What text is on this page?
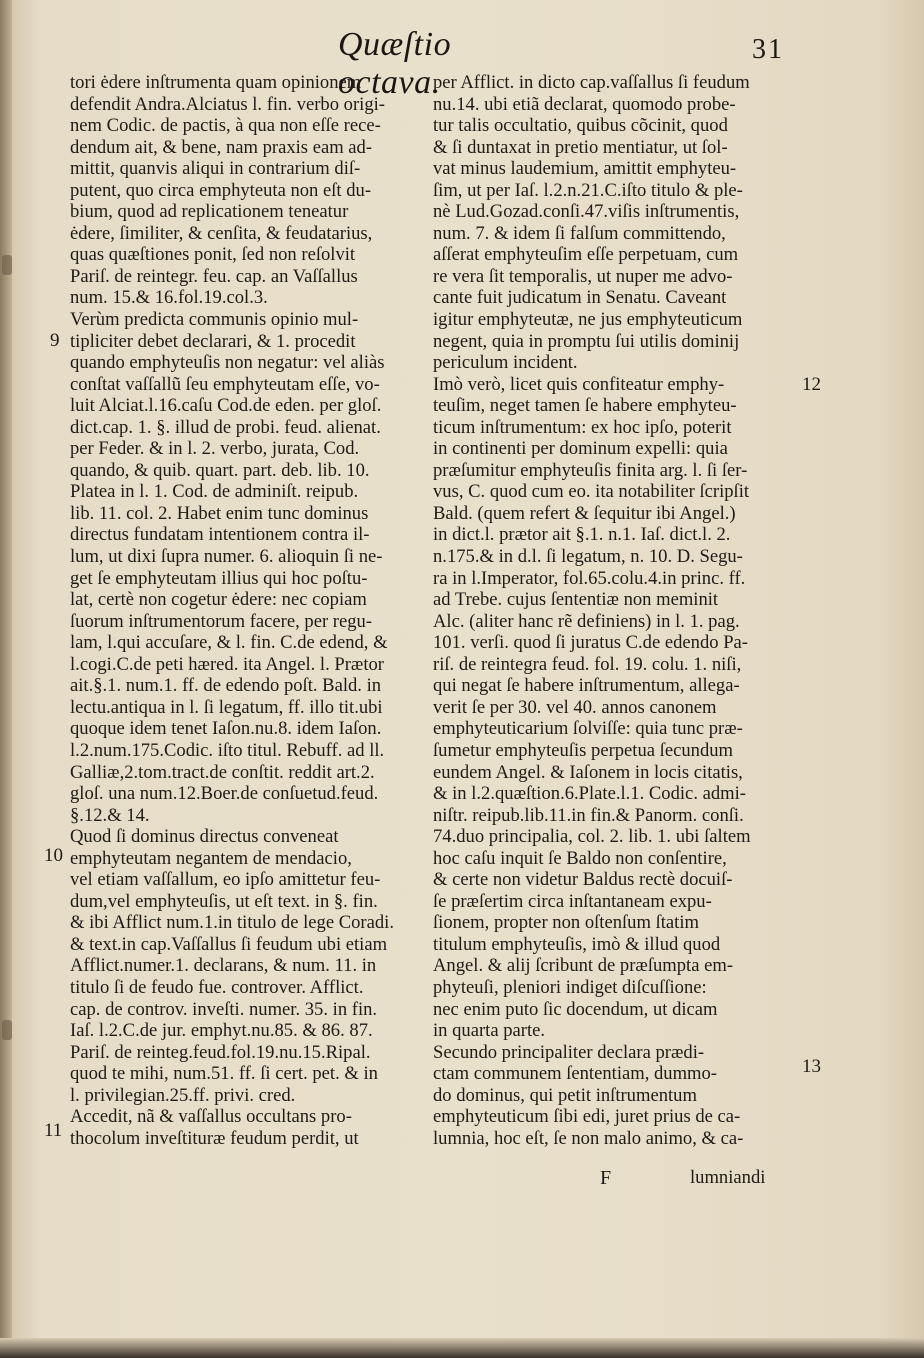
Quæſtio octava.
31
tori ėdere inſtrumenta quam opinionem
defendit Andra.Alciatus l. fin. verbo origi-
nem Codic. de pactis, à qua non eſſe rece-
dendum ait, & bene, nam praxis eam ad-
mittit, quanvis aliqui in contrarium diſ-
putent, quo circa emphyteuta non eſt du-
bium, quod ad replicationem teneatur
ėdere, ſimiliter, & cenſita, & feudatarius,
quas quæſtiones ponit, ſed non reſolvit
Pariſ. de reintegr. feu. cap. an Vaſſallus
num. 15.& 16.fol.19.col.3.
Verùm predicta communis opinio mul-
tipliciter debet declarari, & 1. procedit
quando emphyteuſis non negatur: vel aliàs
conſtat vaſſallũ ſeu emphyteutam eſſe, vo-
luit Alciat.l.16.caſu Cod.de eden. per gloſ.
dict.cap. 1. §. illud de probi. feud. alienat.
per Feder. & in l. 2. verbo, jurata, Cod.
quando, & quib. quart. part. deb. lib. 10.
Platea in l. 1. Cod. de adminiſt. reipub.
lib. 11. col. 2. Habet enim tunc dominus
directus fundatam intentionem contra il-
lum, ut dixi ſupra numer. 6. alioquin ſi ne-
get ſe emphyteutam illius qui hoc poſtu-
lat, certè non cogetur ėdere: nec copiam
ſuorum inſtrumentorum facere, per regu-
lam, l.qui accuſare, & l. fin. C.de edend, &
l.cogi.C.de peti hæred. ita Angel. l. Prætor
ait.§.1. num.1. ff. de edendo poſt. Bald. in
lectu.antiqua in l. ſi legatum, ff. illo tit.ubi
quoque idem tenet Iaſon.nu.8. idem Iaſon.
l.2.num.175.Codic. iſto titul. Rebuff. ad ll.
Galliæ,2.tom.tract.de conſtit. reddit art.2.
gloſ. una num.12.Boer.de conſuetud.feud.
§.12.& 14.
Quod ſi dominus directus conveneat
emphyteutam negantem de mendacio,
vel etiam vaſſallum, eo ipſo amittetur feu-
dum,vel emphyteuſis, ut eſt text. in §. fin.
& ibi Afflict num.1.in titulo de lege Coradi.
& text.in cap.Vaſſallus ſi feudum ubi etiam
Afflict.numer.1. declarans, & num. 11. in
titulo ſi de feudo fue. controver. Afflict.
cap. de controv. inveſti. numer. 35. in fin.
Iaſ. l.2.C.de jur. emphyt.nu.85. & 86. 87.
Pariſ. de reinteg.feud.fol.19.nu.15.Ripal.
quod te mihi, num.51. ff. ſi cert. pet. & in
l. privilegian.25.ff. privi. cred.
Accedit, nã & vaſſallus occultans pro-
thocolum inveſtituræ feudum perdit, ut
per Afflict. in dicto cap.vaſſallus ſi feudum
nu.14. ubi etiã declarat, quomodo probe-
tur talis occultatio, quibus cõcinit, quod
& ſi duntaxat in pretio mentiatur, ut ſol-
vat minus laudemium, amittit emphyteu-
ſim, ut per Iaſ. l.2.n.21.C.iſto titulo & ple-
nè Lud.Gozad.conſi.47.viſis inſtrumentis,
num. 7. & idem ſi falſum committendo,
aſſerat emphyteuſim eſſe perpetuam, cum
re vera ſit temporalis, ut nuper me advo-
cante fuit judicatum in Senatu. Caveant
igitur emphyteutæ, ne jus emphyteuticum
negent, quia in promptu ſui utilis dominij
periculum incident.
Imò verò, licet quis confiteatur emphy-
teuſim, neget tamen ſe habere emphyteu-
ticum inſtrumentum: ex hoc ipſo, poterit
in continenti per dominum expelli: quia
præſumitur emphyteuſis finita arg. l. ſi ſer-
vus, C. quod cum eo. ita notabiliter ſcripſit
Bald. (quem refert & ſequitur ibi Angel.)
in dict.l. prætor ait §.1. n.1. Iaſ. dict.l. 2.
n.175.& in d.l. ſi legatum, n. 10. D. Segu-
ra in l.Imperator, fol.65.colu.4.in princ. ff.
ad Trebe. cujus ſententiæ non meminit
Alc. (aliter hanc rẽ definiens) in l. 1. pag.
101. verſi. quod ſi juratus C.de edendo Pa-
riſ. de reintegra feud. fol. 19. colu. 1. niſi,
qui negat ſe habere inſtrumentum, allega-
verit ſe per 30. vel 40. annos canonem
emphyteuticarium ſolviſſe: quia tunc præ-
ſumetur emphyteuſis perpetua ſecundum
eundem Angel. & Iaſonem in locis citatis,
& in l.2.quæſtion.6.Plate.l.1. Codic. admi-
niſtr. reipub.lib.11.in fin.& Panorm. conſi.
74.duo principalia, col. 2. lib. 1. ubi ſaltem
hoc caſu inquit ſe Baldo non conſentire,
& certe non videtur Baldus rectè docuiſ-
ſe præſertim circa inſtantaneam expu-
ſionem, propter non oſtenſum ſtatim
titulum emphyteuſis, imò & illud quod
Angel. & alij ſcribunt de præſumpta em-
phyteuſi, pleniori indiget diſcuſſione:
nec enim puto ſic docendum, ut dicam
in quarta parte.
Secundo principaliter declara prædi-
ctam communem ſententiam, dummo-
do dominus, qui petit inſtrumentum
emphyteuticum ſibi edi, juret prius de ca-
lumnia, hoc eſt, ſe non malo animo, & ca-
9
10
11
12
13
F	lumniandi
